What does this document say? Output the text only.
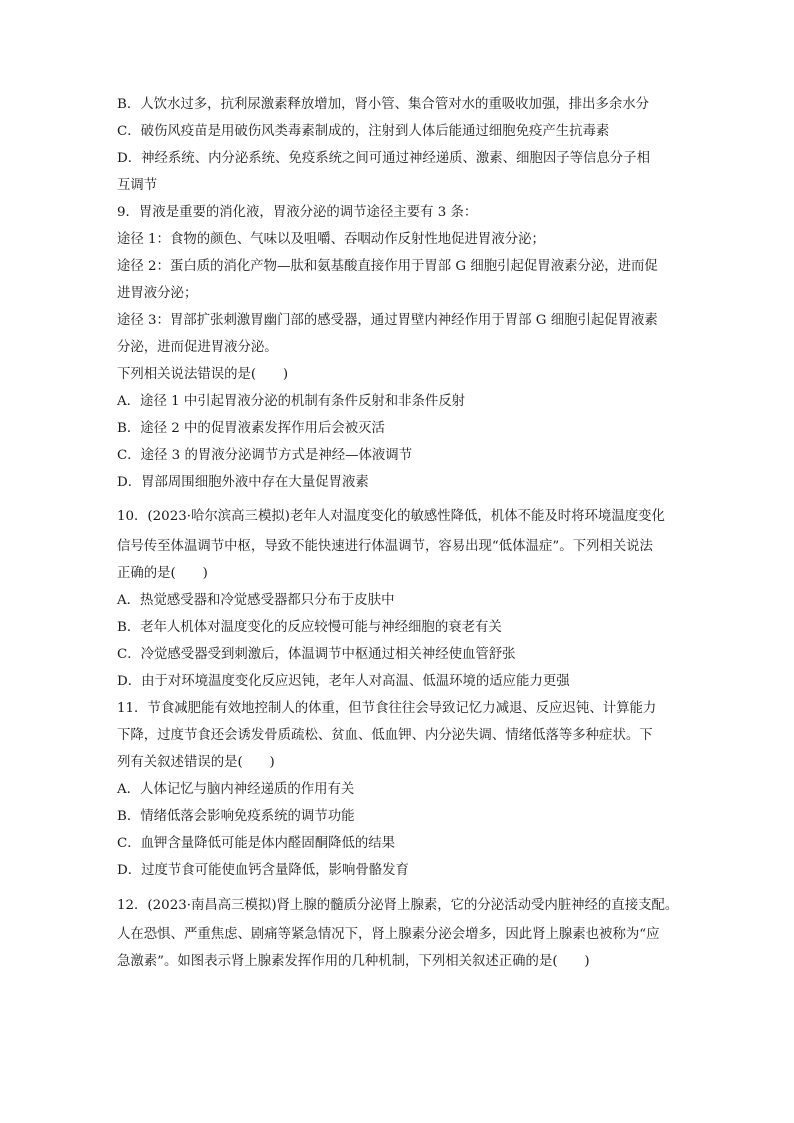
B．人饮水过多，抗利尿激素释放增加，肾小管、集合管对水的重吸收加强，排出多余水分
C．破伤风疫苗是用破伤风类毒素制成的，注射到人体后能通过细胞免疫产生抗毒素
D．神经系统、内分泌系统、免疫系统之间可通过神经递质、激素、细胞因子等信息分子相
互调节
9．胃液是重要的消化液，胃液分泌的调节途径主要有 3 条：
途径 1：食物的颜色、气味以及咀嚼、吞咽动作反射性地促进胃液分泌；
途径 2：蛋白质的消化产物—肽和氨基酸直接作用于胃部 G 细胞引起促胃液素分泌，进而促
进胃液分泌；
途径 3：胃部扩张刺激胃幽门部的感受器，通过胃壁内神经作用于胃部 G 细胞引起促胃液素
分泌，进而促进胃液分泌。
下列相关说法错误的是(　　)
A．途径 1 中引起胃液分泌的机制有条件反射和非条件反射
B．途径 2 中的促胃液素发挥作用后会被灭活
C．途径 3 的胃液分泌调节方式是神经—体液调节
D．胃部周围细胞外液中存在大量促胃液素
10．(2023·哈尔滨高三模拟)老年人对温度变化的敏感性降低，机体不能及时将环境温度变化
信号传至体温调节中枢，导致不能快速进行体温调节，容易出现“低体温症”。下列相关说法
正确的是(　　)
A．热觉感受器和冷觉感受器都只分布于皮肤中
B．老年人机体对温度变化的反应较慢可能与神经细胞的衰老有关
C．冷觉感受器受到刺激后，体温调节中枢通过相关神经使血管舒张
D．由于对环境温度变化反应迟钝，老年人对高温、低温环境的适应能力更强
11．节食减肥能有效地控制人的体重，但节食往往会导致记忆力减退、反应迟钝、计算能力
下降，过度节食还会诱发骨质疏松、贫血、低血钾、内分泌失调、情绪低落等多种症状。下
列有关叙述错误的是(　　)
A．人体记忆与脑内神经递质的作用有关
B．情绪低落会影响免疫系统的调节功能
C．血钾含量降低可能是体内醛固酮降低的结果
D．过度节食可能使血钙含量降低，影响骨骼发育
12．(2023·南昌高三模拟)肾上腺的髓质分泌肾上腺素，它的分泌活动受内脏神经的直接支配。
人在恐惧、严重焦虑、剧痛等紧急情况下，肾上腺素分泌会增多，因此肾上腺素也被称为“应
急激素”。如图表示肾上腺素发挥作用的几种机制，下列相关叙述正确的是(　　)
